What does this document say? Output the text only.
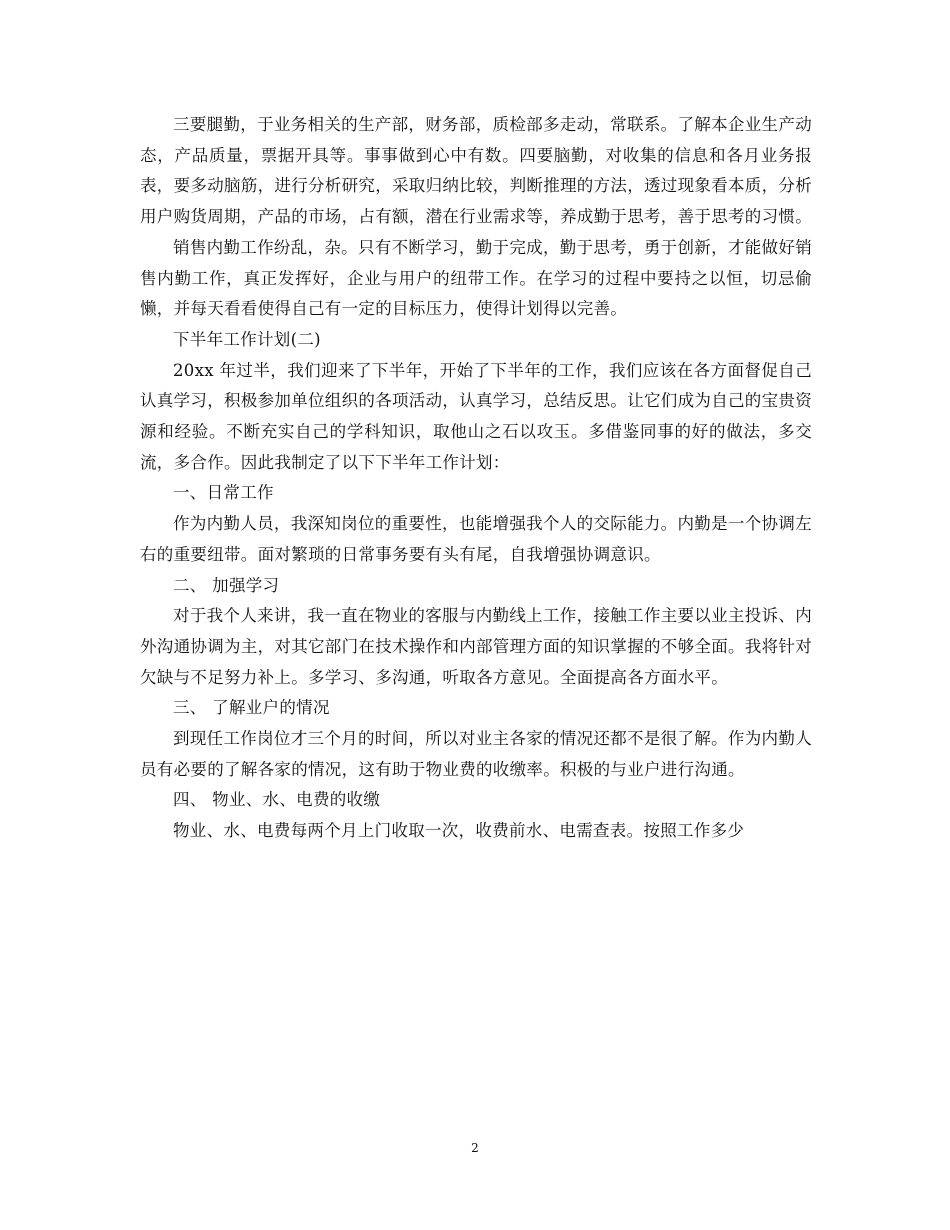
三要腿勤，于业务相关的生产部，财务部，质检部多走动，常联系。了解本企业生产动态，产品质量，票据开具等。事事做到心中有数。四要脑勤，对收集的信息和各月业务报表，要多动脑筋，进行分析研究，采取归纳比较，判断推理的方法，透过现象看本质，分析用户购货周期，产品的市场，占有额，潜在行业需求等，养成勤于思考，善于思考的习惯。

销售内勤工作纷乱，杂。只有不断学习，勤于完成，勤于思考，勇于创新，才能做好销售内勤工作，真正发挥好，企业与用户的纽带工作。在学习的过程中要持之以恒，切忌偷懒，并每天看看使得自己有一定的目标压力，使得计划得以完善。

下半年工作计划(二)

20xx 年过半，我们迎来了下半年，开始了下半年的工作，我们应该在各方面督促自己认真学习，积极参加单位组织的各项活动，认真学习，总结反思。让它们成为自己的宝贵资源和经验。不断充实自己的学科知识，取他山之石以攻玉。多借鉴同事的好的做法，多交流，多合作。因此我制定了以下下半年工作计划：

一、日常工作

作为内勤人员，我深知岗位的重要性，也能增强我个人的交际能力。内勤是一个协调左右的重要纽带。面对繁琐的日常事务要有头有尾，自我增强协调意识。

二、 加强学习

对于我个人来讲，我一直在物业的客服与内勤线上工作，接触工作主要以业主投诉、内外沟通协调为主，对其它部门在技术操作和内部管理方面的知识掌握的不够全面。我将针对欠缺与不足努力补上。多学习、多沟通，听取各方意见。全面提高各方面水平。

三、 了解业户的情况

到现任工作岗位才三个月的时间，所以对业主各家的情况还都不是很了解。作为内勤人员有必要的了解各家的情况，这有助于物业费的收缴率。积极的与业户进行沟通。

四、 物业、水、电费的收缴

物业、水、电费每两个月上门收取一次，收费前水、电需查表。按照工作多少

2
